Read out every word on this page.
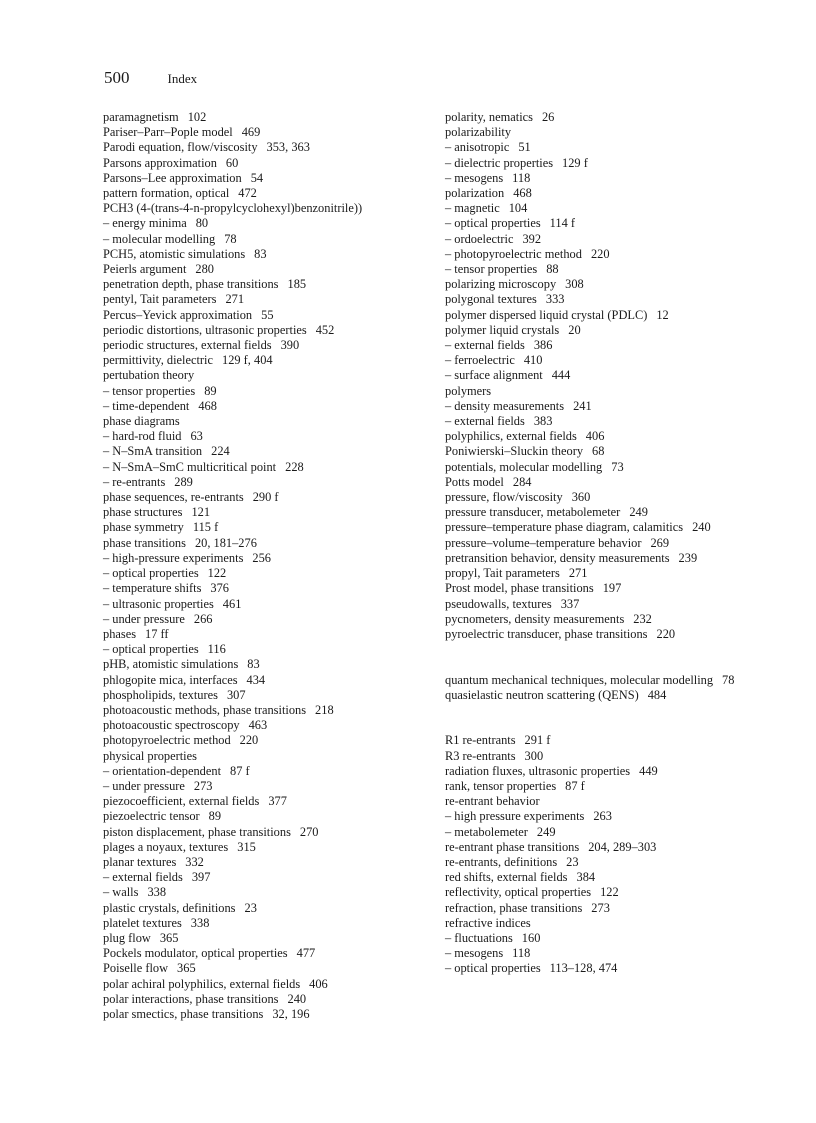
500	Index
paramagnetism 102
Pariser–Parr–Pople model 469
Parodi equation, flow/viscosity 353, 363
Parsons approximation 60
Parsons–Lee approximation 54
pattern formation, optical 472
PCH3 (4-(trans-4-n-propylcyclohexyl)benzonitrile))
– energy minima 80
– molecular modelling 78
PCH5, atomistic simulations 83
Peierls argument 280
penetration depth, phase transitions 185
pentyl, Tait parameters 271
Percus–Yevick approximation 55
periodic distortions, ultrasonic properties 452
periodic structures, external fields 390
permittivity, dielectric 129 f, 404
pertubation theory
– tensor properties 89
– time-dependent 468
phase diagrams
– hard-rod fluid 63
– N–SmA transition 224
– N–SmA–SmC multicritical point 228
– re-entrants 289
phase sequences, re-entrants 290 f
phase structures 121
phase symmetry 115 f
phase transitions 20, 181–276
– high-pressure experiments 256
– optical properties 122
– temperature shifts 376
– ultrasonic properties 461
– under pressure 266
phases 17 ff
– optical properties 116
pHB, atomistic simulations 83
phlogopite mica, interfaces 434
phospholipids, textures 307
photoacoustic methods, phase transitions 218
photoacoustic spectroscopy 463
photopyroelectric method 220
physical properties
– orientation-dependent 87 f
– under pressure 273
piezocoefficient, external fields 377
piezoelectric tensor 89
piston displacement, phase transitions 270
plages a noyaux, textures 315
planar textures 332
– external fields 397
– walls 338
plastic crystals, definitions 23
platelet textures 338
plug flow 365
Pockels modulator, optical properties 477
Poiselle flow 365
polar achiral polyphilics, external fields 406
polar interactions, phase transitions 240
polar smectics, phase transitions 32, 196
polarity, nematics 26
polarizability
– anisotropic 51
– dielectric properties 129 f
– mesogens 118
polarization 468
– magnetic 104
– optical properties 114 f
– ordoelectric 392
– photopyroelectric method 220
– tensor properties 88
polarizing microscopy 308
polygonal textures 333
polymer dispersed liquid crystal (PDLC) 12
polymer liquid crystals 20
– external fields 386
– ferroelectric 410
– surface alignment 444
polymers
– density measurements 241
– external fields 383
polyphilics, external fields 406
Poniwierski–Sluckin theory 68
potentials, molecular modelling 73
Potts model 284
pressure, flow/viscosity 360
pressure transducer, metabolemeter 249
pressure–temperature phase diagram, calamitics 240
pressure–volume–temperature behavior 269
pretransition behavior, density measurements 239
propyl, Tait parameters 271
Prost model, phase transitions 197
pseudowalls, textures 337
pycnometers, density measurements 232
pyroelectric transducer, phase transitions 220
quantum mechanical techniques, molecular modelling 78
quasielastic neutron scattering (QENS) 484
R1 re-entrants 291 f
R3 re-entrants 300
radiation fluxes, ultrasonic properties 449
rank, tensor properties 87 f
re-entrant behavior
– high pressure experiments 263
– metabolemeter 249
re-entrant phase transitions 204, 289–303
re-entrants, definitions 23
red shifts, external fields 384
reflectivity, optical properties 122
refraction, phase transitions 273
refractive indices
– fluctuations 160
– mesogens 118
– optical properties 113–128, 474
